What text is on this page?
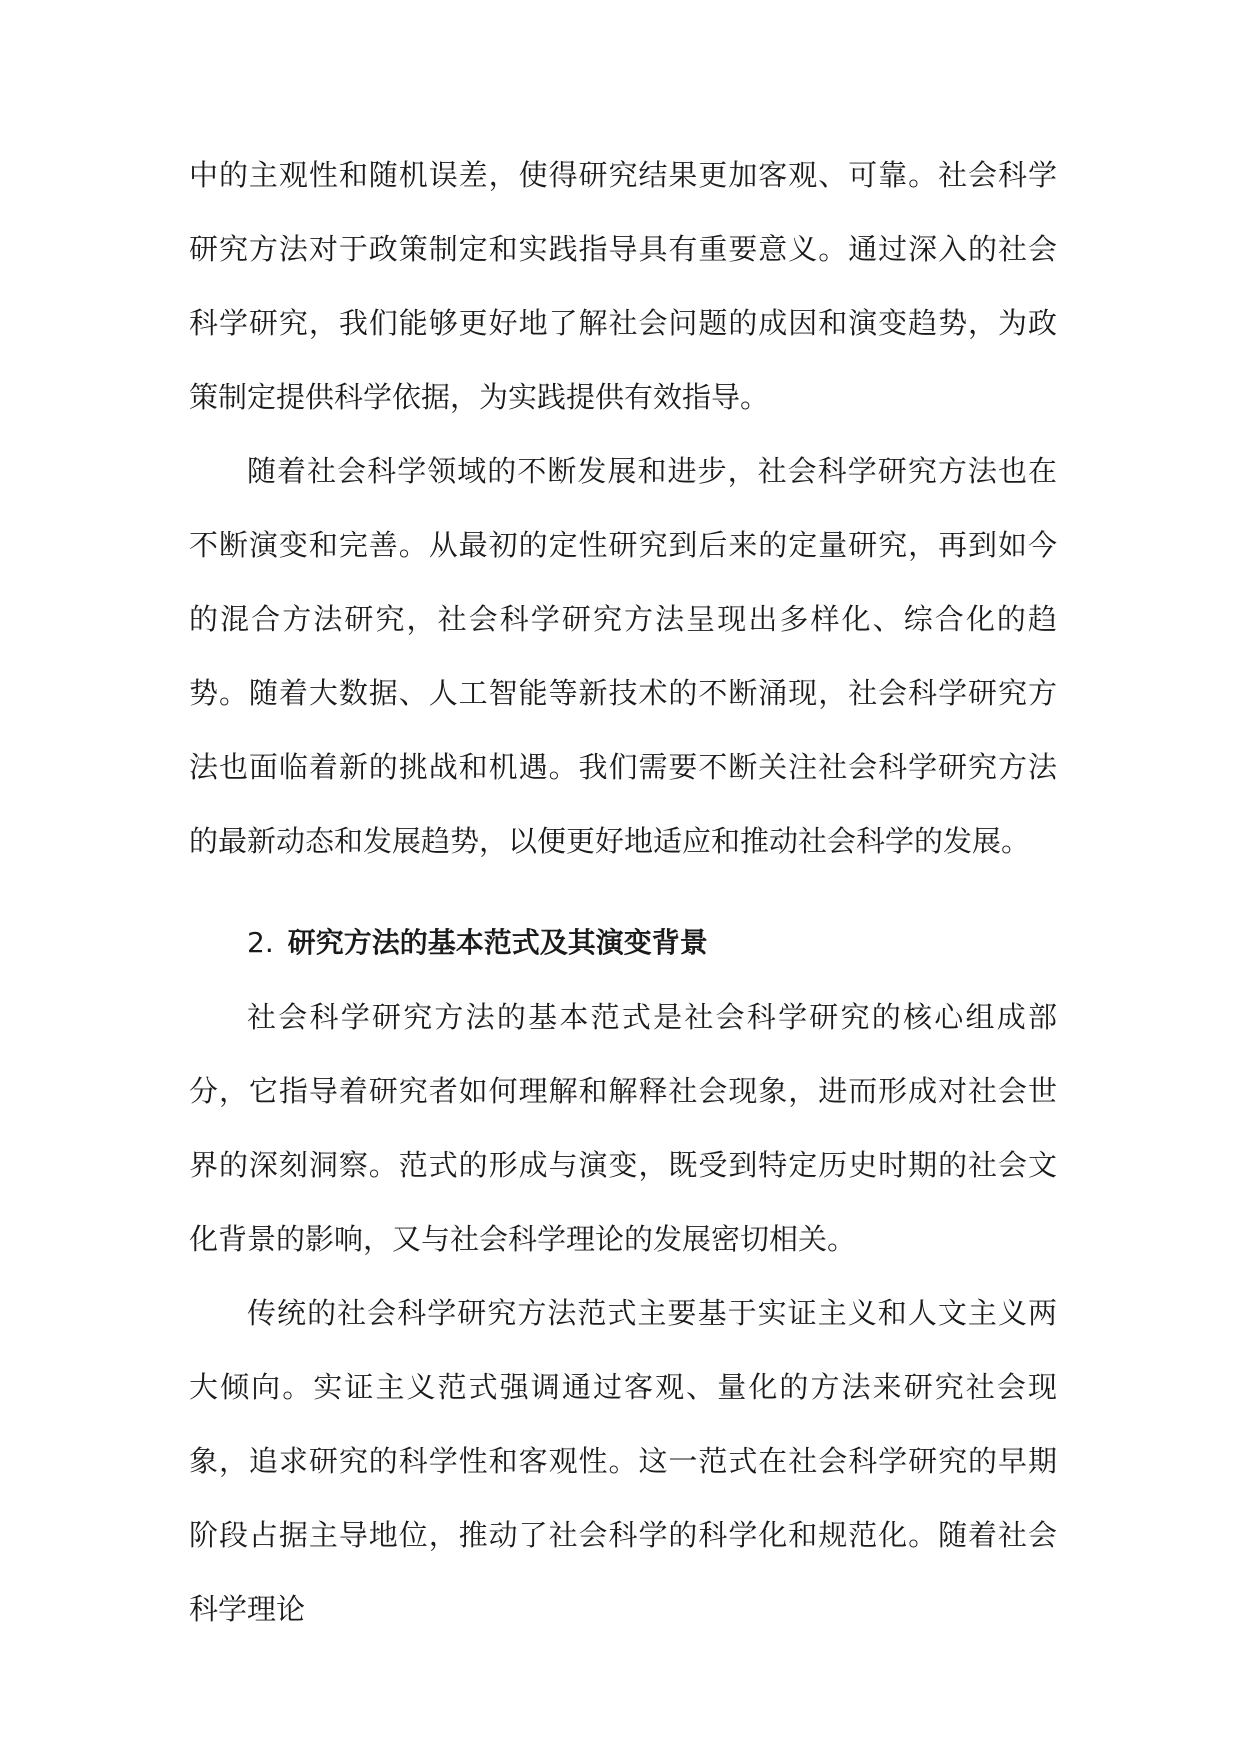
中的主观性和随机误差，使得研究结果更加客观、可靠。社会科学研究方法对于政策制定和实践指导具有重要意义。通过深入的社会科学研究，我们能够更好地了解社会问题的成因和演变趋势，为政策制定提供科学依据，为实践提供有效指导。

随着社会科学领域的不断发展和进步，社会科学研究方法也在不断演变和完善。从最初的定性研究到后来的定量研究，再到如今的混合方法研究，社会科学研究方法呈现出多样化、综合化的趋势。随着大数据、人工智能等新技术的不断涌现，社会科学研究方法也面临着新的挑战和机遇。我们需要不断关注社会科学研究方法的最新动态和发展趋势，以便更好地适应和推动社会科学的发展。

2. 研究方法的基本范式及其演变背景

社会科学研究方法的基本范式是社会科学研究的核心组成部分，它指导着研究者如何理解和解释社会现象，进而形成对社会世界的深刻洞察。范式的形成与演变，既受到特定历史时期的社会文化背景的影响，又与社会科学理论的发展密切相关。

传统的社会科学研究方法范式主要基于实证主义和人文主义两大倾向。实证主义范式强调通过客观、量化的方法来研究社会现象，追求研究的科学性和客观性。这一范式在社会科学研究的早期阶段占据主导地位，推动了社会科学的科学化和规范化。随着社会科学理论
